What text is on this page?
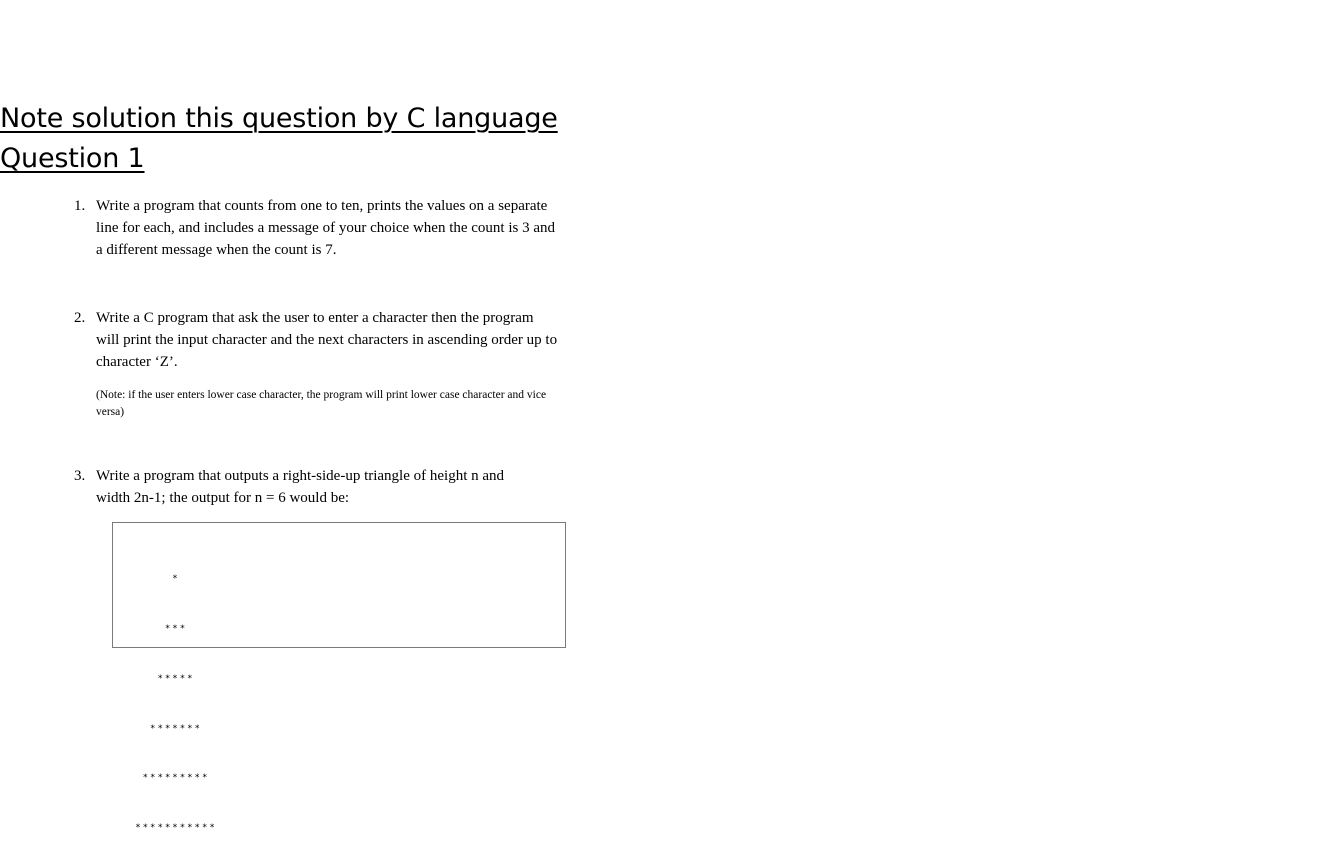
Note solution this question by C language
Question 1
1. Write a program that counts from one to ten, prints the values on a separate
line for each, and includes a message of your choice when the count is 3 and
a different message when the count is 7.
2. Write a C program that ask the user to enter a character then the program
will print the input character and the next characters in ascending order up to
character ‘Z’.
(Note: if the user enters lower case character, the program will print lower case character and vice
versa)
3. Write a program that outputs a right-side-up triangle of height n and
width 2n-1; the output for n = 6 would be:

*

***

*****

*******

*********

***********
